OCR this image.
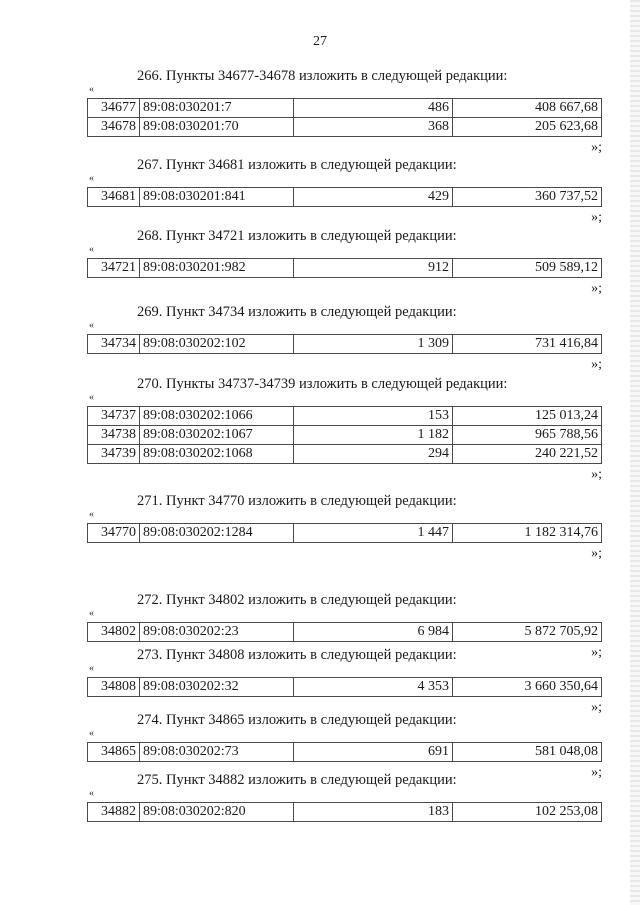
27
266. Пункты 34677-34678 изложить в следующей редакции:
«
34677	89:08:030201:7	486	408 667,68
34678	89:08:030201:70	368	205 623,68
»;
267. Пункт 34681 изложить в следующей редакции:
«
34681	89:08:030201:841	429	360 737,52
»;
268. Пункт 34721 изложить в следующей редакции:
«
34721	89:08:030201:982	912	509 589,12
»;
269. Пункт 34734 изложить в следующей редакции:
«
34734	89:08:030202:102	1 309	731 416,84
»;
270. Пункты 34737-34739 изложить в следующей редакции:
«
34737	89:08:030202:1066	153	125 013,24
34738	89:08:030202:1067	1 182	965 788,56
34739	89:08:030202:1068	294	240 221,52
»;
271. Пункт 34770 изложить в следующей редакции:
«
34770	89:08:030202:1284	1 447	1 182 314,76
»;
272. Пункт 34802 изложить в следующей редакции:
«
34802	89:08:030202:23	6 984	5 872 705,92
»;
273. Пункт 34808 изложить в следующей редакции:
«
34808	89:08:030202:32	4 353	3 660 350,64
»;
274. Пункт 34865 изложить в следующей редакции:
«
34865	89:08:030202:73	691	581 048,08
»;
275. Пункт 34882 изложить в следующей редакции:
«
34882	89:08:030202:820	183	102 253,08
